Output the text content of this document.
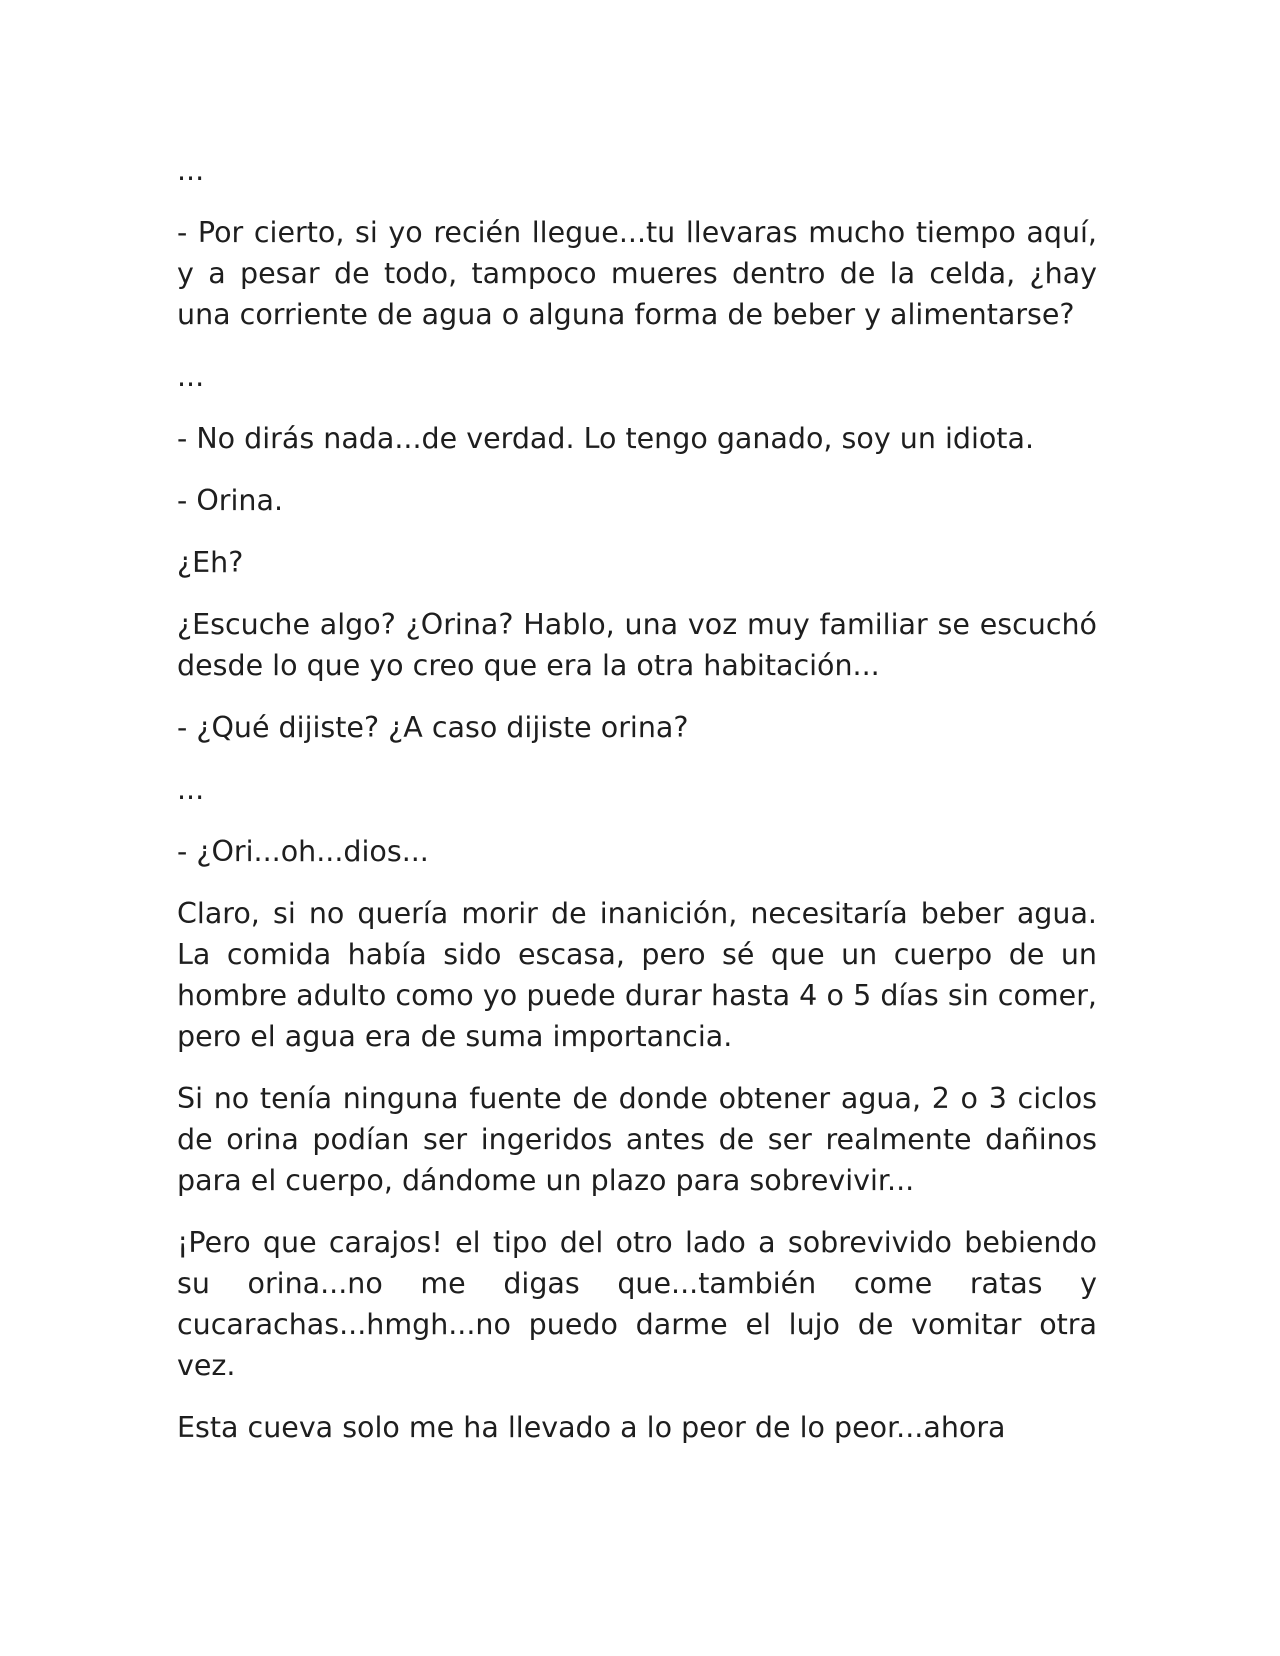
...

- Por cierto, si yo recién llegue...tu llevaras mucho tiempo aquí, y a pesar de todo, tampoco mueres dentro de la celda, ¿hay una corriente de agua o alguna forma de beber y alimentarse?

...

- No dirás nada...de verdad. Lo tengo ganado, soy un idiota.

- Orina.

¿Eh?

¿Escuche algo? ¿Orina? Hablo, una voz muy familiar se escuchó desde lo que yo creo que era la otra habitación...

- ¿Qué dijiste? ¿A caso dijiste orina?

...

- ¿Ori...oh...dios...

Claro, si no quería morir de inanición, necesitaría beber agua. La comida había sido escasa, pero sé que un cuerpo de un hombre adulto como yo puede durar hasta 4 o 5 días sin comer, pero el agua era de suma importancia.

Si no tenía ninguna fuente de donde obtener agua, 2 o 3 ciclos de orina podían ser ingeridos antes de ser realmente dañinos para el cuerpo, dándome un plazo para sobrevivir...

¡Pero que carajos! el tipo del otro lado a sobrevivido bebiendo su orina...no me digas que...también come ratas y cucarachas...hmgh...no puedo darme el lujo de vomitar otra vez.

Esta cueva solo me ha llevado a lo peor de lo peor...ahora
